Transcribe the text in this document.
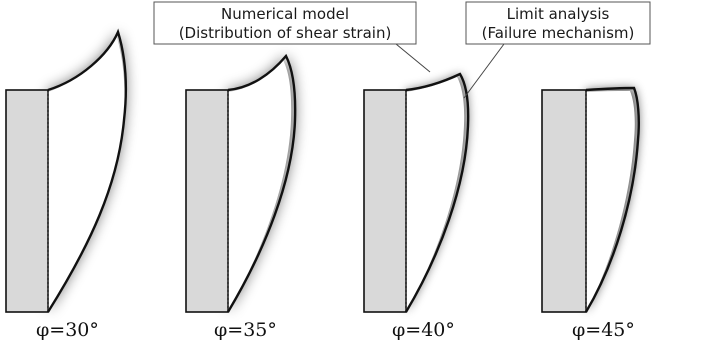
φ=30°	φ=35°	φ=40°	φ=45°
Numerical model
(Distribution of shear strain)
Limit analysis
(Failure mechanism)
